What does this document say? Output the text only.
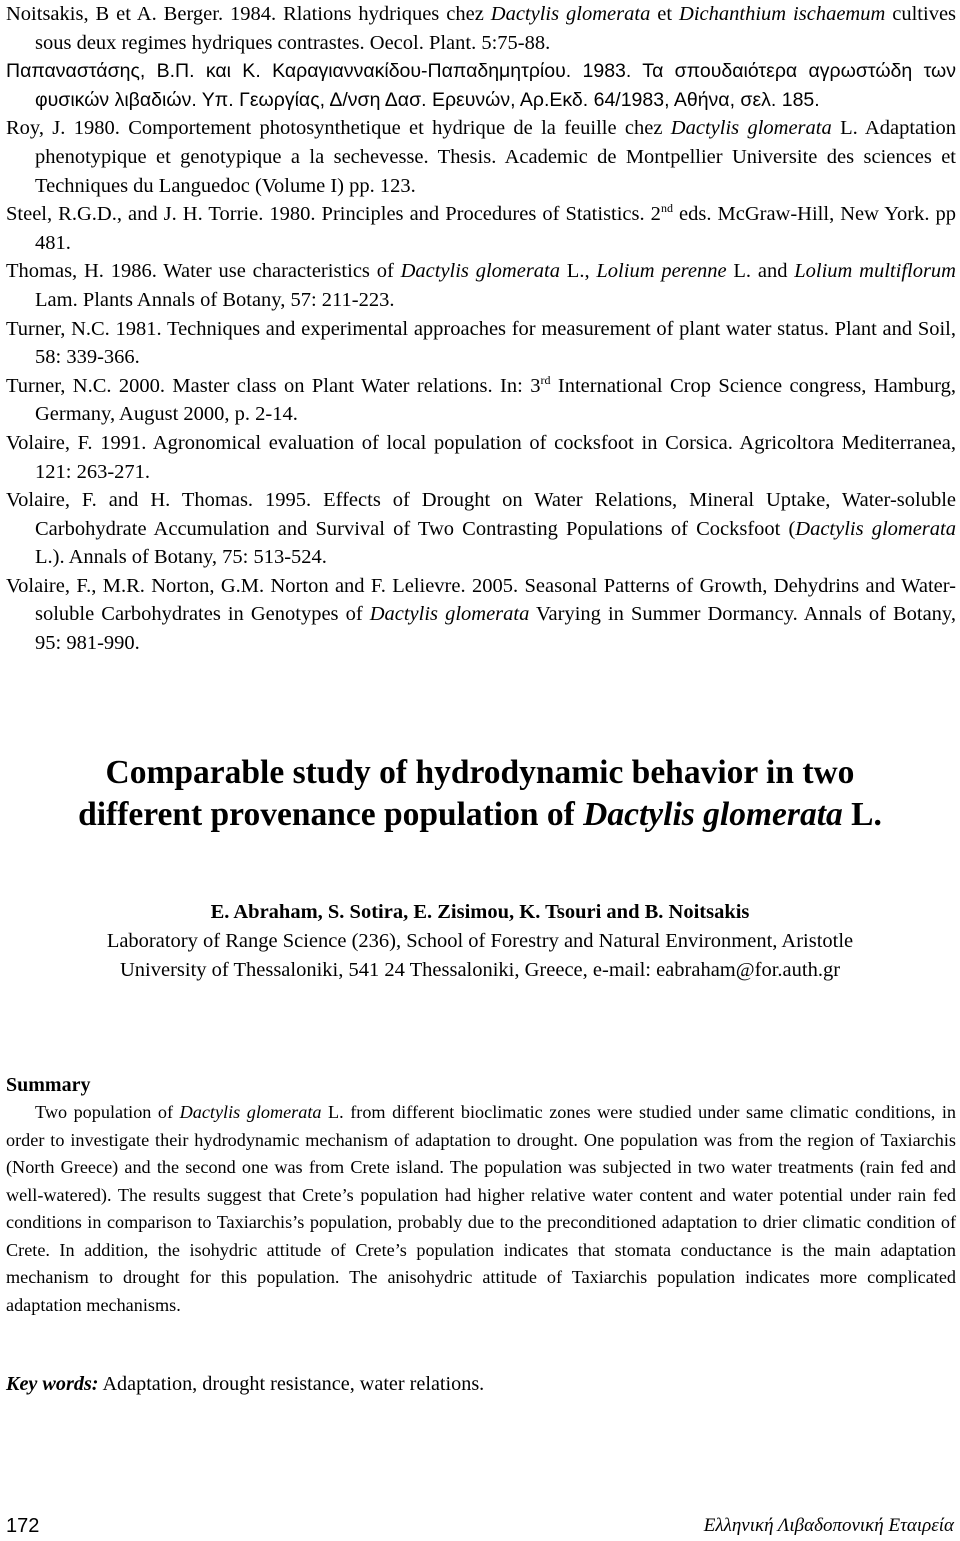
Noitsakis, B et A. Berger. 1984. Rlations hydriques chez Dactylis glomerata et Dichanthium ischaemum cultives sous deux regimes hydriques contrastes. Oecol. Plant. 5:75-88.

Παπαναστάσης, Β.Π. και Κ. Καραγιαννακίδου-Παπαδημητρίου. 1983. Τα σπουδαιότερα αγρωστώδη των φυσικών λιβαδιών. Υπ. Γεωργίας, Δ/νση Δασ. Ερευνών, Αρ.Εκδ. 64/1983, Αθήνα, σελ. 185.

Roy, J. 1980. Comportement photosynthetique et hydrique de la feuille chez Dactylis glomerata L. Adaptation phenotypique et genotypique a la sechevesse. Thesis. Academic de Montpellier Universite des sciences et Techniques du Languedoc (Volume I) pp. 123.

Steel, R.G.D., and J. H. Torrie. 1980. Principles and Procedures of Statistics. 2nd eds. McGraw-Hill, New York. pp 481.

Thomas, H. 1986. Water use characteristics of Dactylis glomerata L., Lolium perenne L. and Lolium multiflorum Lam. Plants Annals of Botany, 57: 211-223.

Turner, N.C. 1981. Techniques and experimental approaches for measurement of plant water status. Plant and Soil, 58: 339-366.

Turner, N.C. 2000. Master class on Plant Water relations. In: 3rd International Crop Science congress, Hamburg, Germany, August 2000, p. 2-14.

Volaire, F. 1991. Agronomical evaluation of local population of cocksfoot in Corsica. Agricoltora Mediterranea, 121: 263-271.

Volaire, F. and H. Thomas. 1995. Effects of Drought on Water Relations, Mineral Uptake, Water-soluble Carbohydrate Accumulation and Survival of Two Contrasting Populations of Cocksfoot (Dactylis glomerata L.). Annals of Botany, 75: 513-524.

Volaire, F., M.R. Norton, G.M. Norton and F. Lelievre. 2005. Seasonal Patterns of Growth, Dehydrins and Water- soluble Carbohydrates in Genotypes of Dactylis glomerata Varying in Summer Dormancy. Annals of Botany, 95: 981-990.

Comparable study of hydrodynamic behavior in two
different provenance population of Dactylis glomerata L.
E. Abraham, S. Sotira, E. Zisimou, K. Tsouri and B. Noitsakis
Laboratory of Range Science (236), School of Forestry and Natural Environment, Aristotle
University of Thessaloniki, 541 24 Thessaloniki, Greece, e-mail: eabraham@for.auth.gr
Summary

Two population of Dactylis glomerata L. from different bioclimatic zones were studied under same climatic conditions, in order to investigate their hydrodynamic mechanism of adaptation to drought. One population was from the region of Taxiarchis (North Greece) and the second one was from Crete island. The population was subjected in two water treatments (rain fed and well-watered). The results suggest that Crete’s population had higher relative water content and water potential under rain fed conditions in comparison to Taxiarchis’s population, probably due to the preconditioned adaptation to drier climatic condition of Crete. In addition, the isohydric attitude of Crete’s population indicates that stomata conductance is the main adaptation mechanism to drought for this population. The anisohydric attitude of Taxiarchis population indicates more complicated adaptation mechanisms.

Key words: Adaptation, drought resistance, water relations.
172	Ελληνική Λιβαδοπονική Εταιρεία
